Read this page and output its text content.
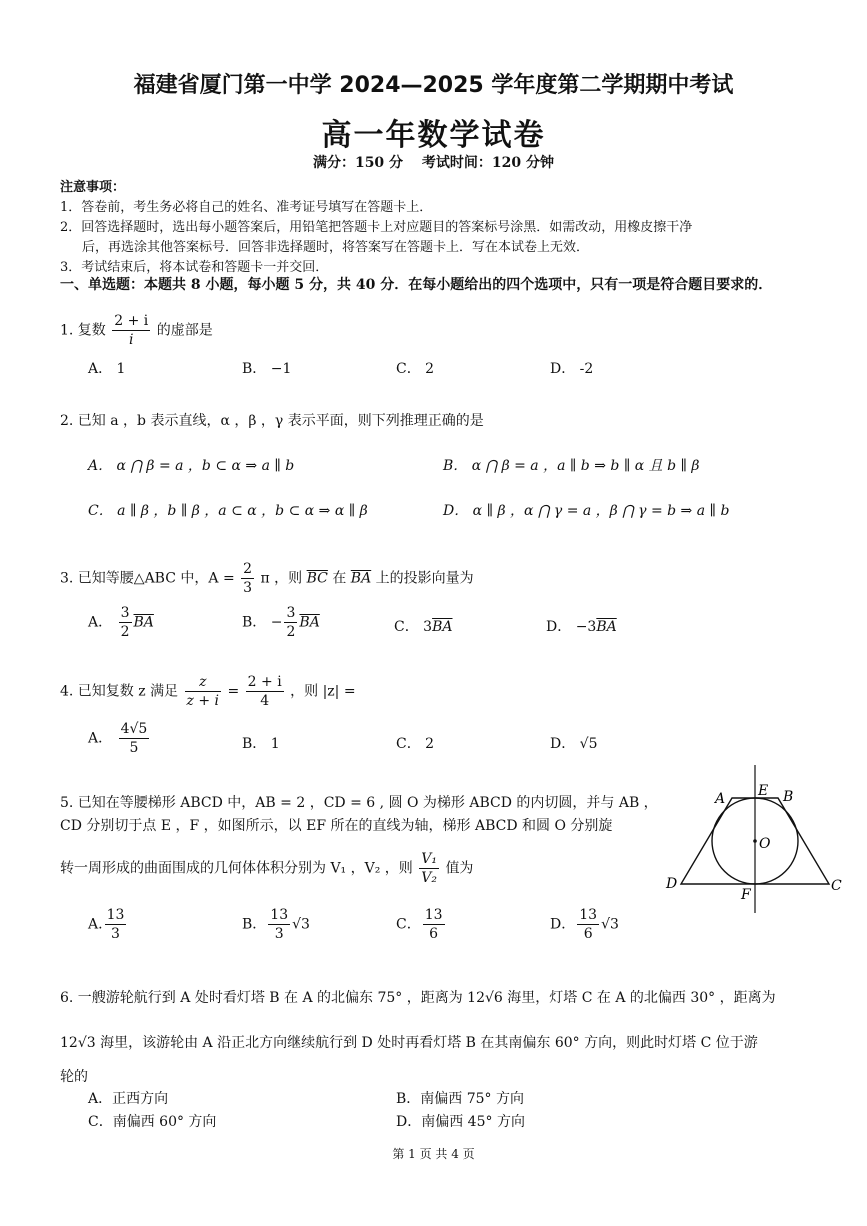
福建省厦门第一中学 2024—2025 学年度第二学期期中考试
高一年数学试卷
满分：150 分　 考试时间：120 分钟
注意事项：
1．答卷前，考生务必将自己的姓名、准考证号填写在答题卡上．
2．回答选择题时，选出每小题答案后，用铅笔把答题卡上对应题目的答案标号涂黑．如需改动，用橡皮擦干净
后，再选涂其他答案标号．回答非选择题时，将答案写在答题卡上．写在本试卷上无效．
3．考试结束后，将本试卷和答题卡一并交回．
一、单选题：本题共 8 小题，每小题 5 分，共 40 分．在每小题给出的四个选项中，只有一项是符合题目要求的．
1. 复数 $\frac{2 + i}{i}$ 的虚部是
A． 1	B． −1	C． 2	D． -2
2. 已知 a ，b 表示直线，α ，β ，γ 表示平面，则下列推理正确的是
A． α ⋂ β = a ，b ⊂ α ⇒ a ∥ b	B． α ⋂ β = a ，a ∥ b ⇒ b ∥ α 且 b ∥ β
C． a ∥ β ，b ∥ β ，a ⊂ α ，b ⊂ α ⇒ α ∥ β	D． α ∥ β ，α ⋂ γ = a ，β ⋂ γ = b ⇒ a ∥ b
3. 已知等腰△ABC 中，$A = \frac{2}{3}$ π ，则 $\overline{BC}$ 在 $\overline{BA}$ 上的投影向量为
A． $\frac{3}{2} \overline{BA}$	B． − $\frac{3}{2} \overline{BA}$	C． $3\overline{BA}$	D． $-3\overline{BA}$
4. 已知复数 z 满足 $\frac{z}{z + i} = \frac{2 + i}{4}$ ，则 |z| =
A． $\frac{4√5}{5}$	B． 1	C． 2	D． √5
5. 已知在等腰梯形 ABCD 中，AB = 2 ，CD = 6 , 圆 O 为梯形 ABCD 的内切圆，并与 AB ，
CD 分别切于点 E ，F ，如图所示，以 EF 所在的直线为轴，梯形 ABCD 和圆 O 分别旋
转一周形成的曲面围成的几何体体积分别为 V₁ ，V₂ ，则 $\frac{\text{V₁}}{\text{V₂}}$ 值为
A. $\frac{13}{3}$	B． $\frac{13}{3} √3$	C． $\frac{13}{6}$	D． $\frac{13}{6} √3$
A	B
C
D
E
F
O
6. 一艘游轮航行到 A 处时看灯塔 B 在 A 的北偏东 75° ，距离为 12√6 海里，灯塔 C 在 A 的北偏西 30° ，距离为
12√3 海里，该游轮由 A 沿正北方向继续航行到 D 处时再看灯塔 B 在其南偏东 60° 方向，则此时灯塔 C 位于游
轮的
A．正西方向	B．南偏西 75° 方向
C．南偏西 60° 方向	D．南偏西 45° 方向
第 1 页 共 4 页
